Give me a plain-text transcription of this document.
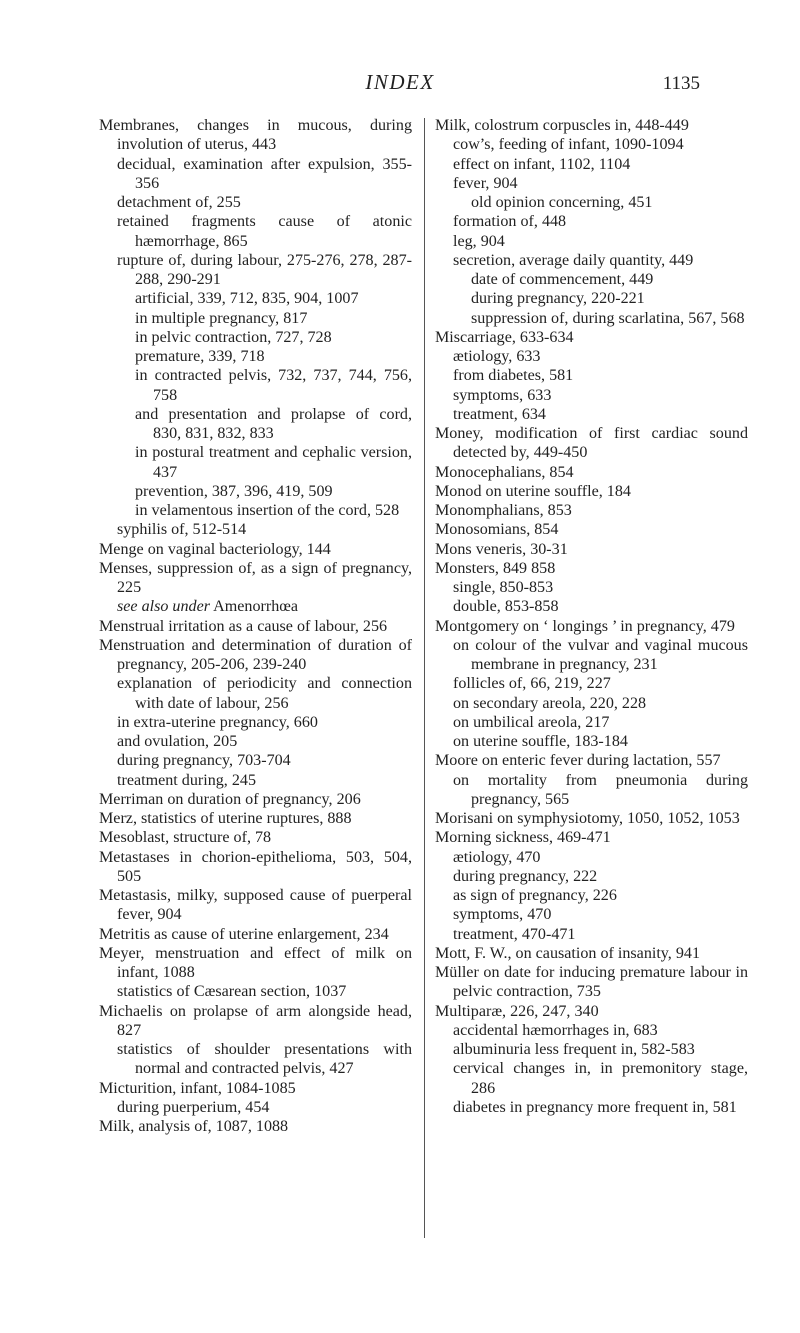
INDEX	1135
Membranes, changes in mucous, during involution of uterus, 443
decidual, examination after expulsion, 355-356
detachment of, 255
retained fragments cause of atonic hæmorrhage, 865
rupture of, during labour, 275-276, 278, 287-288, 290-291
artificial, 339, 712, 835, 904, 1007
in multiple pregnancy, 817
in pelvic contraction, 727, 728
premature, 339, 718
in contracted pelvis, 732, 737, 744, 756, 758
and presentation and prolapse of cord, 830, 831, 832, 833
in postural treatment and cephalic version, 437
prevention, 387, 396, 419, 509
in velamentous insertion of the cord, 528
syphilis of, 512-514
Menge on vaginal bacteriology, 144
Menses, suppression of, as a sign of pregnancy, 225
see also under Amenorrhœa
Menstrual irritation as a cause of labour, 256
Menstruation and determination of duration of pregnancy, 205-206, 239-240
explanation of periodicity and connection with date of labour, 256
in extra-uterine pregnancy, 660
and ovulation, 205
during pregnancy, 703-704
treatment during, 245
Merriman on duration of pregnancy, 206
Merz, statistics of uterine ruptures, 888
Mesoblast, structure of, 78
Metastases in chorion-epithelioma, 503, 504, 505
Metastasis, milky, supposed cause of puerperal fever, 904
Metritis as cause of uterine enlargement, 234
Meyer, menstruation and effect of milk on infant, 1088
statistics of Cæsarean section, 1037
Michaelis on prolapse of arm alongside head, 827
statistics of shoulder presentations with normal and contracted pelvis, 427
Micturition, infant, 1084-1085
during puerperium, 454
Milk, analysis of, 1087, 1088
Milk, colostrum corpuscles in, 448-449
cow’s, feeding of infant, 1090-1094
effect on infant, 1102, 1104
fever, 904
old opinion concerning, 451
formation of, 448
leg, 904
secretion, average daily quantity, 449
date of commencement, 449
during pregnancy, 220-221
suppression of, during scarlatina, 567, 568
Miscarriage, 633-634
ætiology, 633
from diabetes, 581
symptoms, 633
treatment, 634
Money, modification of first cardiac sound detected by, 449-450
Monocephalians, 854
Monod on uterine souffle, 184
Monomphalians, 853
Monosomians, 854
Mons veneris, 30-31
Monsters, 849 858
single, 850-853
double, 853-858
Montgomery on ‘ longings ’ in pregnancy, 479
on colour of the vulvar and vaginal mucous membrane in pregnancy, 231
follicles of, 66, 219, 227
on secondary areola, 220, 228
on umbilical areola, 217
on uterine souffle, 183-184
Moore on enteric fever during lactation, 557
on mortality from pneumonia during pregnancy, 565
Morisani on symphysiotomy, 1050, 1052, 1053
Morning sickness, 469-471
ætiology, 470
during pregnancy, 222
as sign of pregnancy, 226
symptoms, 470
treatment, 470-471
Mott, F. W., on causation of insanity, 941
Müller on date for inducing premature labour in pelvic contraction, 735
Multiparæ, 226, 247, 340
accidental hæmorrhages in, 683
albuminuria less frequent in, 582-583
cervical changes in, in premonitory stage, 286
diabetes in pregnancy more frequent in, 581
